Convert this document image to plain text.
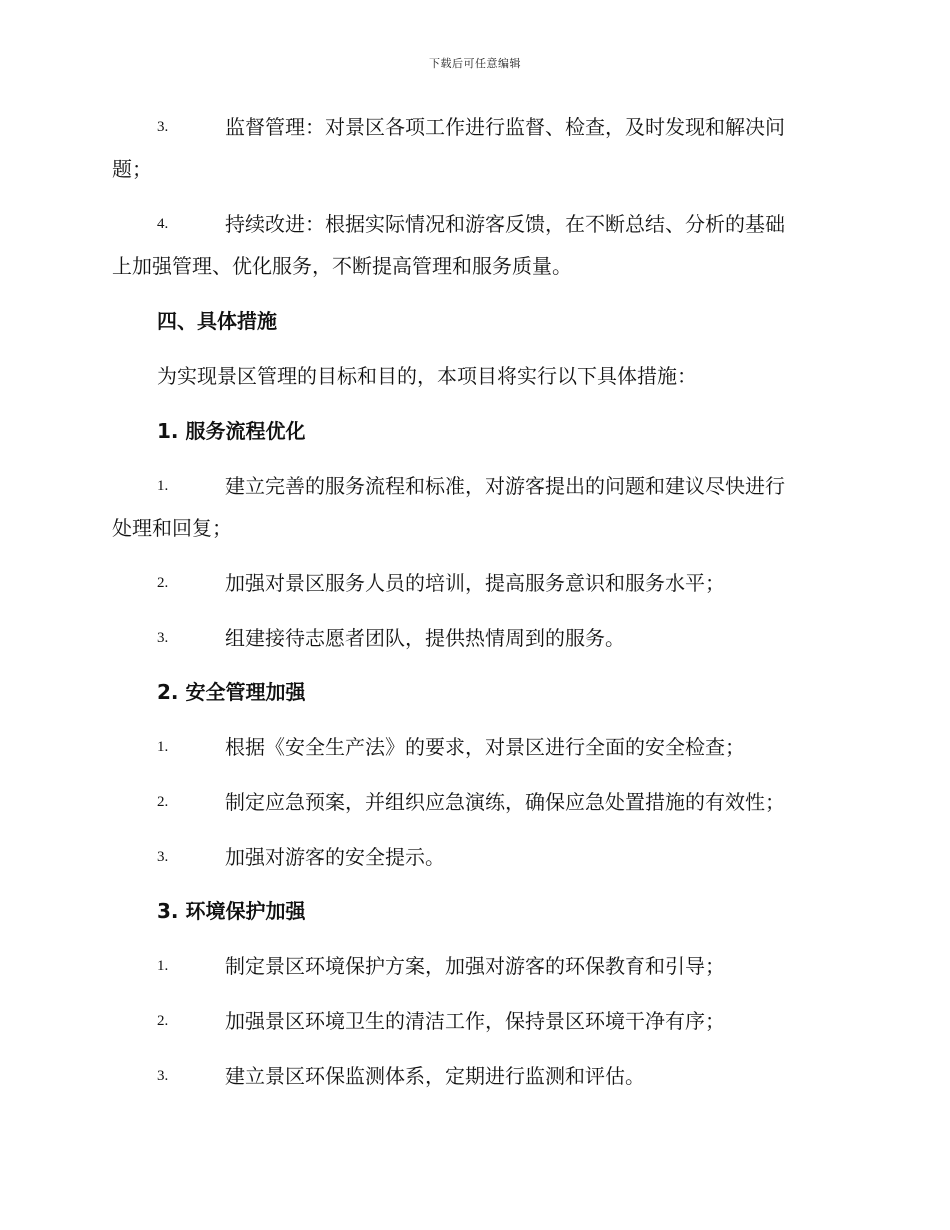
下载后可任意编辑
3.	监督管理：对景区各项工作进行监督、检查，及时发现和解决问
题；
4.	持续改进：根据实际情况和游客反馈，在不断总结、分析的基础
上加强管理、优化服务，不断提高管理和服务质量。
四、具体措施
为实现景区管理的目标和目的，本项目将实行以下具体措施：
1. 服务流程优化
1.	建立完善的服务流程和标准，对游客提出的问题和建议尽快进行
处理和回复；
2.	加强对景区服务人员的培训，提高服务意识和服务水平；
3.	组建接待志愿者团队，提供热情周到的服务。
2. 安全管理加强
1.	根据《安全生产法》的要求，对景区进行全面的安全检查；
2.	制定应急预案，并组织应急演练，确保应急处置措施的有效性；
3.	加强对游客的安全提示。
3. 环境保护加强
1.	制定景区环境保护方案，加强对游客的环保教育和引导；
2.	加强景区环境卫生的清洁工作，保持景区环境干净有序；
3.	建立景区环保监测体系，定期进行监测和评估。
